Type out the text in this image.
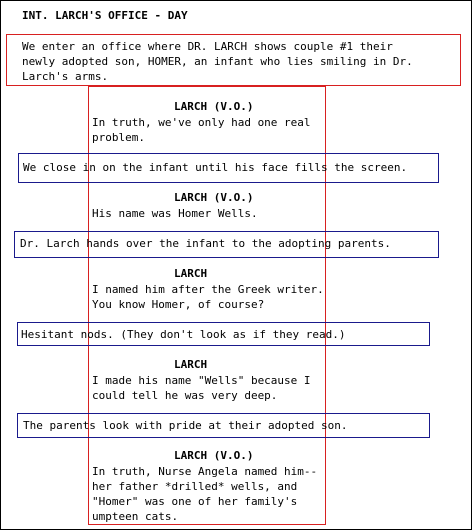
INT. LARCH'S OFFICE - DAY
We enter an office where DR. LARCH shows couple #1 their
newly adopted son, HOMER, an infant who lies smiling in Dr.
Larch's arms.
LARCH (V.O.)
In truth, we've only had one real
problem.
We close in on the infant until his face fills the screen.
LARCH (V.O.)
His name was Homer Wells.
Dr. Larch hands over the infant to the adopting parents.
LARCH
I named him after the Greek writer.
You know Homer, of course?
Hesitant nods. (They don't look as if they read.)
LARCH
I made his name "Wells" because I
could tell he was very deep.
The parents look with pride at their adopted son.
LARCH (V.O.)
In truth, Nurse Angela named him--
her father *drilled* wells, and
"Homer" was one of her family's
umpteen cats.
